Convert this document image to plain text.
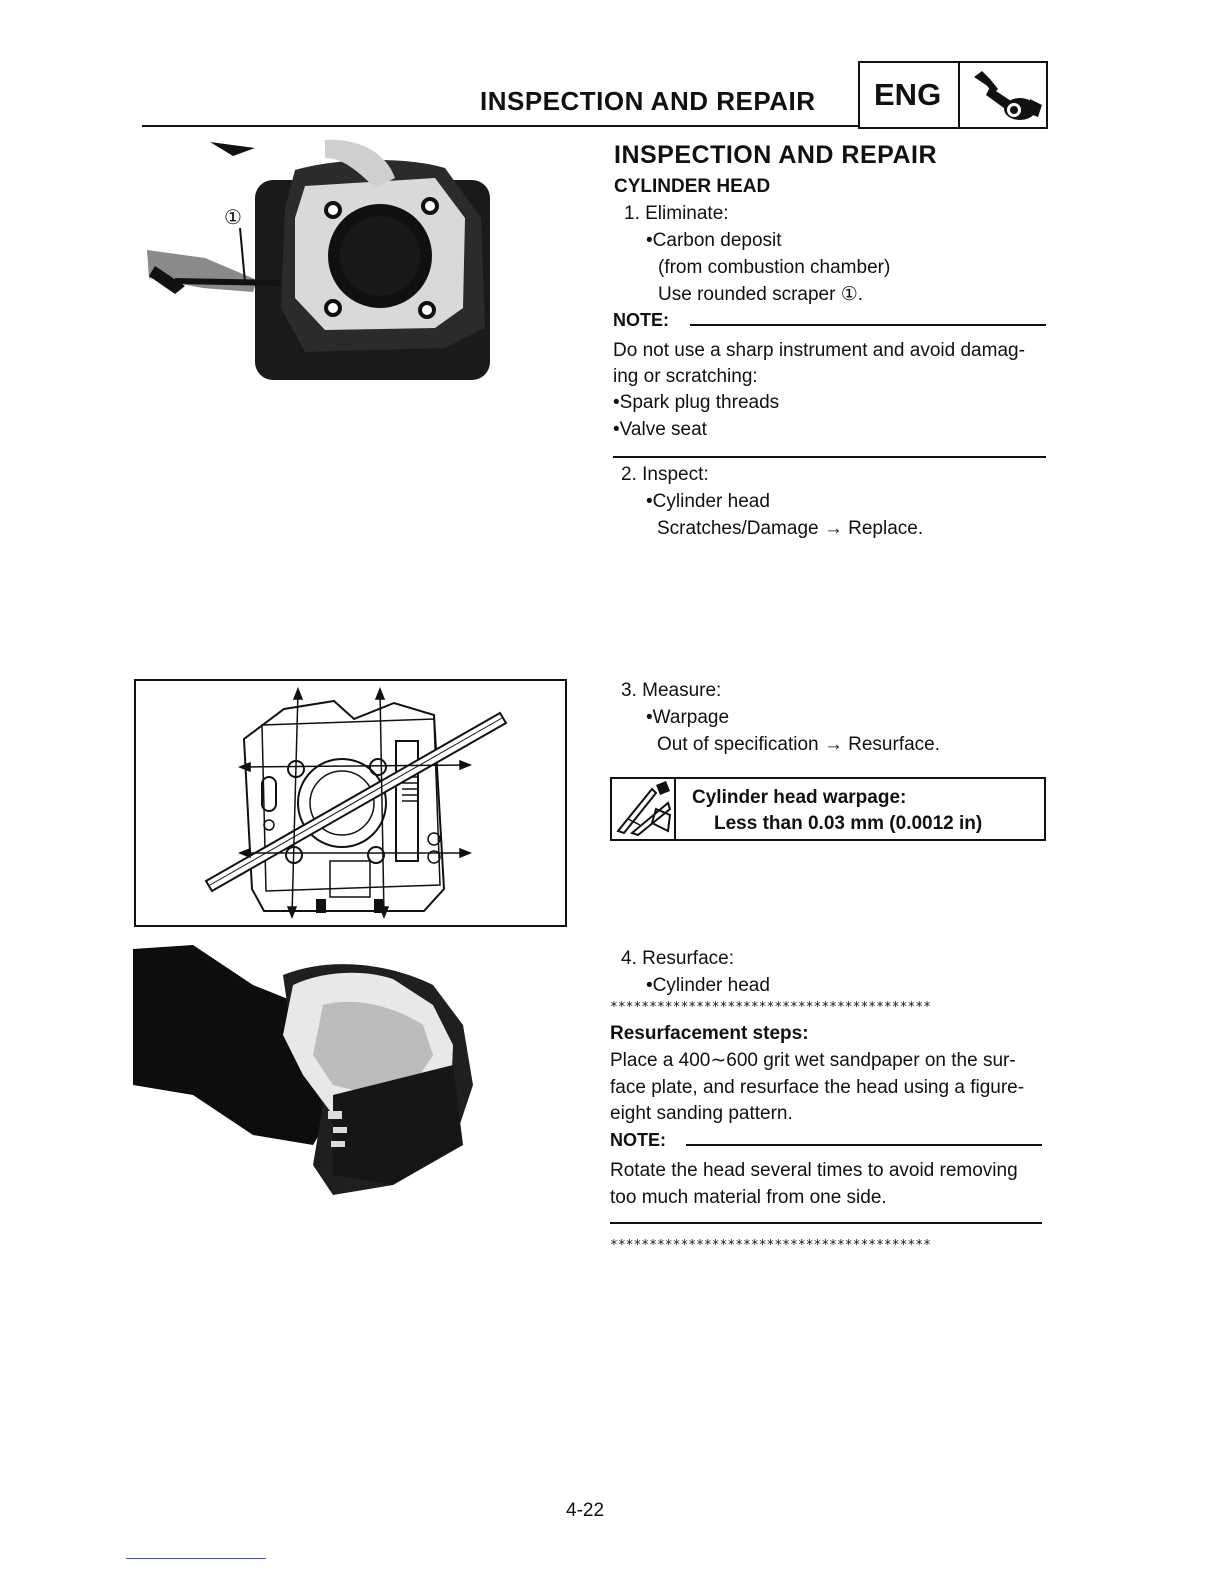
INSPECTION AND REPAIR ENG
①
INSPECTION AND REPAIR
CYLINDER HEAD
1. Eliminate:
•Carbon deposit
(from combustion chamber)
Use rounded scraper ①.
NOTE:
Do not use a sharp instrument and avoid damag-
ing or scratching:
•Spark plug threads
•Valve seat
2. Inspect:
•Cylinder head
Scratches/Damage → Replace.
3. Measure:
•Warpage
Out of specification → Resurface.
Cylinder head warpage:
Less than 0.03 mm (0.0012 in)
4. Resurface:
•Cylinder head
*****************************************
Resurfacement steps:
Place a 400∼600 grit wet sandpaper on the sur-
face plate, and resurface the head using a figure-
eight sanding pattern.
NOTE:
Rotate the head several times to avoid removing
too much material from one side.
*****************************************
4-22
